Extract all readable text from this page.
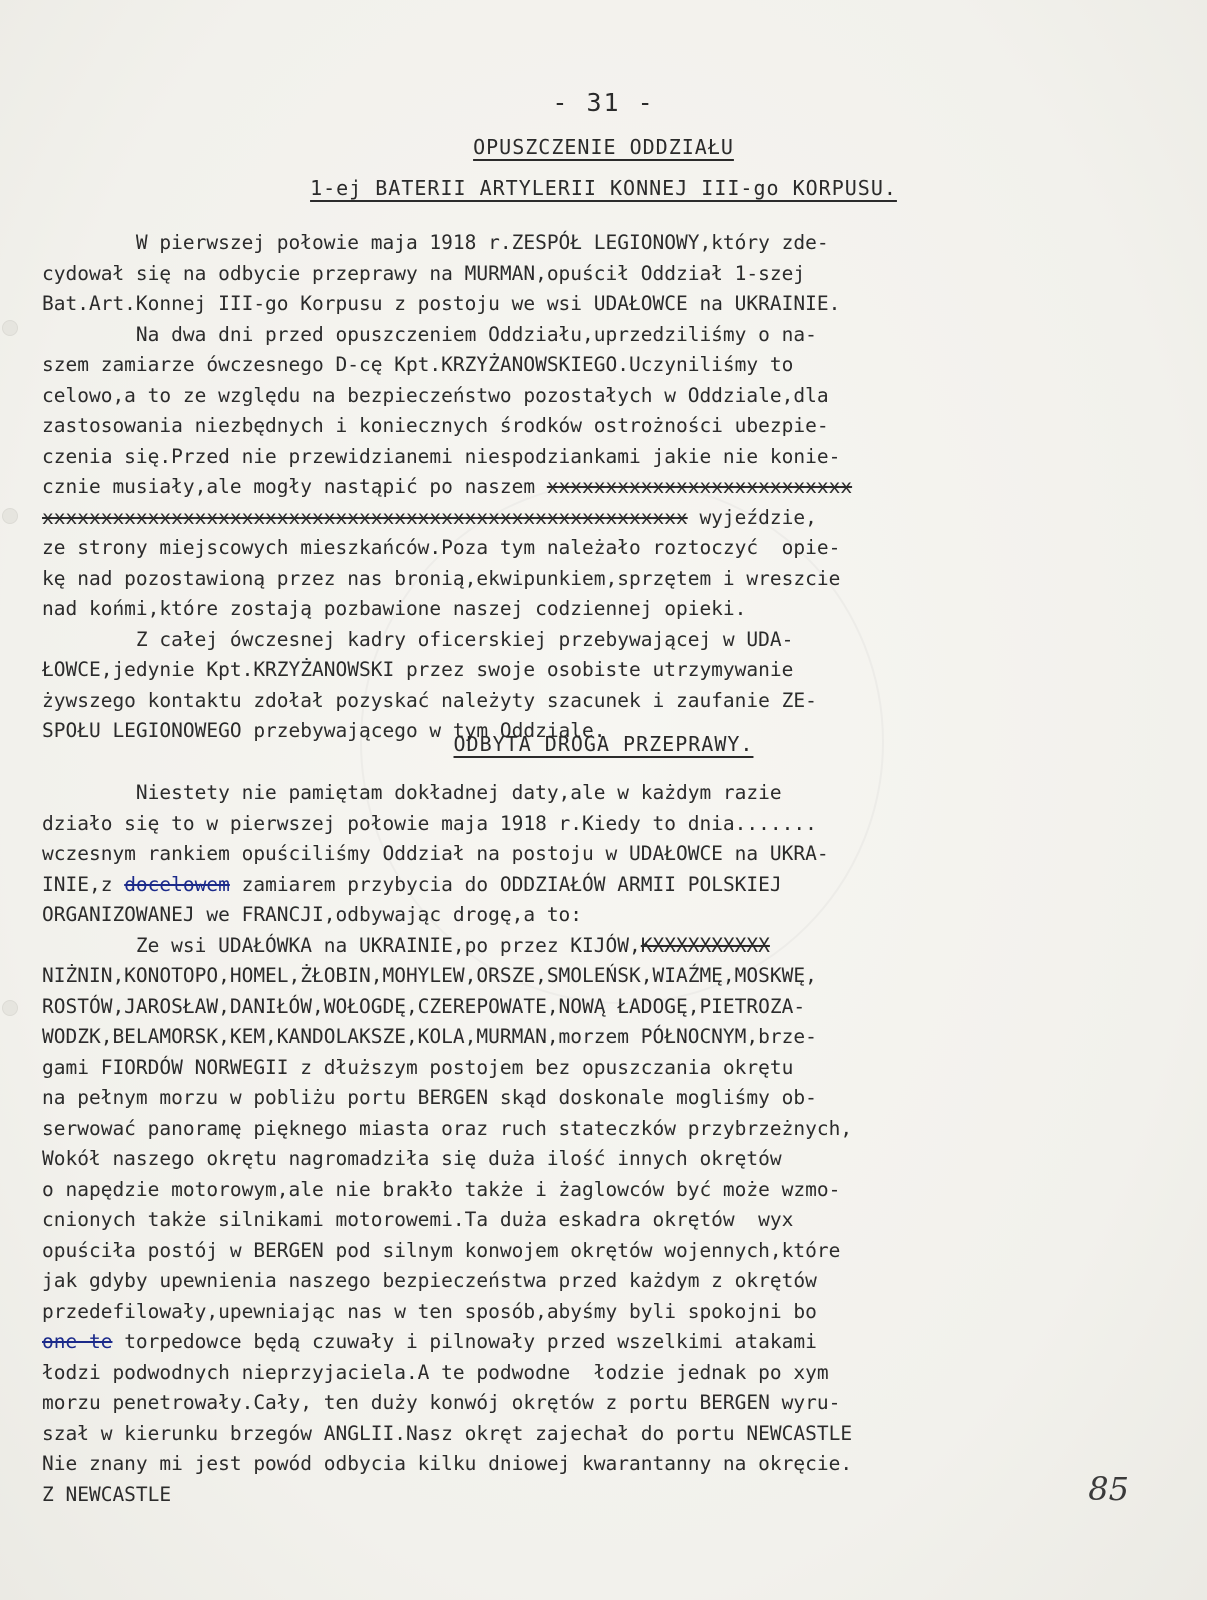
- 31 -
OPUSZCZENIE ODDZIAŁU
1-ej BATERII ARTYLERII KONNEJ III-go KORPUSU.

W pierwszej połowie maja 1918 r.ZESPÓŁ LEGIONOWY,który zde-

cydował się na odbycie przeprawy na MURMAN,opuścił Oddział 1-szej

Bat.Art.Konnej III-go Korpusu z postoju we wsi UDAŁOWCE na UKRAINIE.

Na dwa dni przed opuszczeniem Oddziału,uprzedziliśmy o na-

szem zamiarze ówczesnego D-cę Kpt.KRZYŻANOWSKIEGO.Uczyniliśmy to

celowo,a to ze względu na bezpieczeństwo pozostałych w Oddziale,dla

zastosowania niezbędnych i koniecznych środków ostrożności ubezpie-

czenia się.Przed nie przewidzianemi niespodziankami jakie nie konie-

cznie musiały,ale mogły nastąpić po naszem xxxxxxxxxxxxxxxxxxxxxxxxxx

xxxxxxxxxxxxxxxxxxxxxxxxxxxxxxxxxxxxxxxxxxxxxxxxxxxxxxx wyjeździe,

ze strony miejscowych mieszkańców.Poza tym należało roztoczyć  opie-

kę nad pozostawioną przez nas bronią,ekwipunkiem,sprzętem i wreszcie

nad końmi,które zostają pozbawione naszej codziennej opieki.

Z całej ówczesnej kadry oficerskiej przebywającej w UDA-

ŁOWCE,jedynie Kpt.KRZYŻANOWSKI przez swoje osobiste utrzymywanie

żywszego kontaktu zdołał pozyskać należyty szacunek i zaufanie ZE-

SPOŁU LEGIONOWEGO przebywającego w tym Oddziale.

ODBYTA DROGA PRZEPRAWY.

Niestety nie pamiętam dokładnej daty,ale w każdym razie

działo się to w pierwszej połowie maja 1918 r.Kiedy to dnia.......

wczesnym rankiem opuściliśmy Oddział na postoju w UDAŁOWCE na UKRA-

INIE,z docelowem zamiarem przybycia do ODDZIAŁÓW ARMII POLSKIEJ

ORGANIZOWANEJ we FRANCJI,odbywając drogę,a to:

Ze wsi UDAŁÓWKA na UKRAINIE,po przez KIJÓW,KXXXXXXXXXX

NIŻNIN,KONOTOPO,HOMEL,ŻŁOBIN,MOHYLEW,ORSZE,SMOLEŃSK,WIAŹMĘ,MOSKWĘ,

ROSTÓW,JAROSŁAW,DANIŁÓW,WOŁOGDĘ,CZEREPOWATE,NOWĄ ŁADOGĘ,PIETROZA-

WODZK,BELAMORSK,KEM,KANDOLAKSZE,KOLA,MURMAN,morzem PÓŁNOCNYM,brze-

gami FIORDÓW NORWEGII z dłuższym postojem bez opuszczania okrętu

na pełnym morzu w pobliżu portu BERGEN skąd doskonale mogliśmy ob-

serwować panoramę pięknego miasta oraz ruch stateczków przybrzeżnych,

Wokół naszego okrętu nagromadziła się duża ilość innych okrętów

o napędzie motorowym,ale nie brakło także i żaglowców być może wzmo-

cnionych także silnikami motorowemi.Ta duża eskadra okrętów  wyx

opuściła postój w BERGEN pod silnym konwojem okrętów wojennych,które

jak gdyby upewnienia naszego bezpieczeństwa przed każdym z okrętów

przedefilowały,upewniając nas w ten sposób,abyśmy byli spokojni bo

one te torpedowce będą czuwały i pilnowały przed wszelkimi atakami

łodzi podwodnych nieprzyjaciela.A te podwodne  łodzie jednak po xym

morzu penetrowały.Cały, ten duży konwój okrętów z portu BERGEN wyru-

szał w kierunku brzegów ANGLII.Nasz okręt zajechał do portu NEWCASTLE

Nie znany mi jest powód odbycia kilku dniowej kwarantanny na okręcie.

Z NEWCASTLE	85
